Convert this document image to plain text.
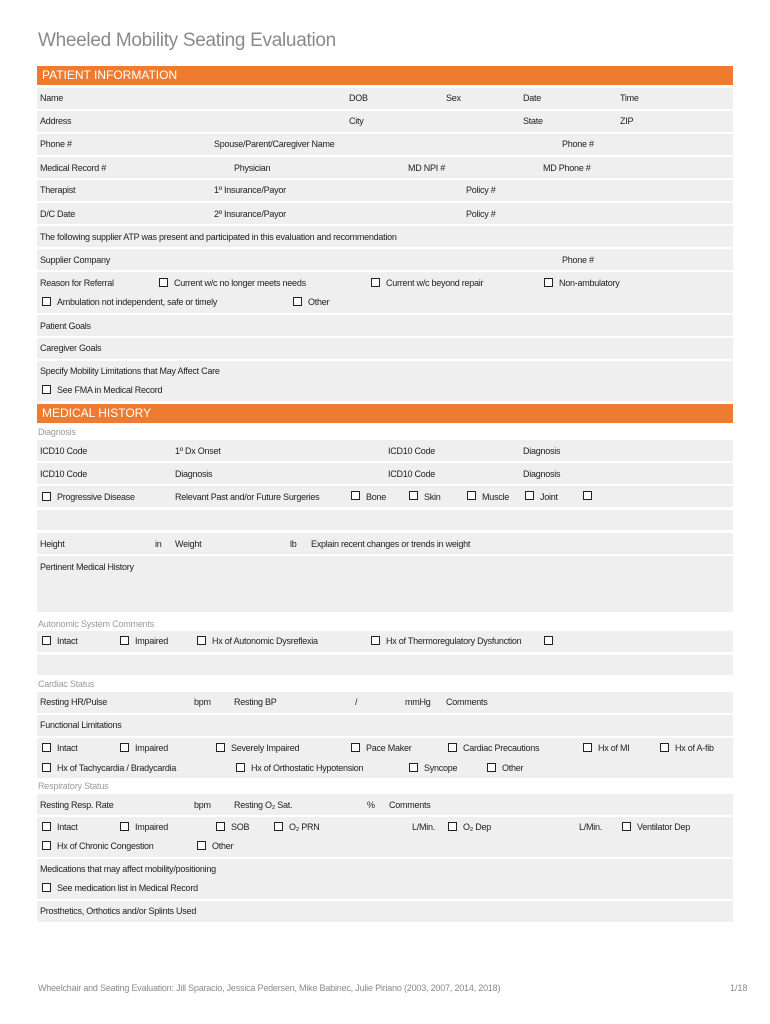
Wheeled Mobility Seating Evaluation
PATIENT INFORMATION
Name	DOB	Sex	Date	Time
Address	City	State	ZIP
Phone #	Spouse/Parent/Caregiver Name	Phone #
Medical Record #	Physician	MD NPI #	MD Phone #
Therapist	1º Insurance/Payor	Policy #
D/C Date	2º Insurance/Payor	Policy #
The following supplier ATP was present and participated in this evaluation and recommendation
Supplier Company	Phone #
Reason for Referral	Current w/c no longer meets needs	Current w/c beyond repair	Non-ambulatory
Ambulation not independent, safe or timely	Other
Patient Goals
Caregiver Goals
Specify Mobility Limitations that May Affect Care
See FMA in Medical Record
MEDICAL HISTORY
Diagnosis
ICD10 Code	1º Dx Onset	ICD10 Code	Diagnosis
ICD10 Code	Diagnosis	ICD10 Code	Diagnosis
Progressive Disease	Relevant Past and/or Future Surgeries	Bone	Skin	Muscle	Joint
Height	in Weight	lb Explain recent changes or trends in weight
Pertinent Medical History
Autonomic System Comments
Intact	Impaired	Hx of Autonomic Dysreflexia	Hx of Thermoregulatory Dysfunction
Cardiac Status
Resting HR/Pulse	bpm	Resting BP	/	mmHg Comments
Functional Limitations
Intact	Impaired	Severely Impaired	Pace Maker	Cardiac Precautions	Hx of MI	Hx of A-fib
Hx of Tachycardia / Bradycardia	Hx of Orthostatic Hypotension	Syncope	Other
Respiratory Status
Resting Resp. Rate	bpm	Resting O₂ Sat.	% Comments
Intact	Impaired	SOB	O₂ PRN	L/Min.	O₂ Dep	L/Min.	Ventilator Dep
Hx of Chronic Congestion	Other
Medications that may affect mobility/positioning
See medication list in Medical Record
Prosthetics, Orthotics and/or Splints Used
Wheelchair and Seating Evaluation: Jill Sparacio, Jessica Pedersen, Mike Babinec, Julie Piriano (2003, 2007, 2014, 2018)	1/18
